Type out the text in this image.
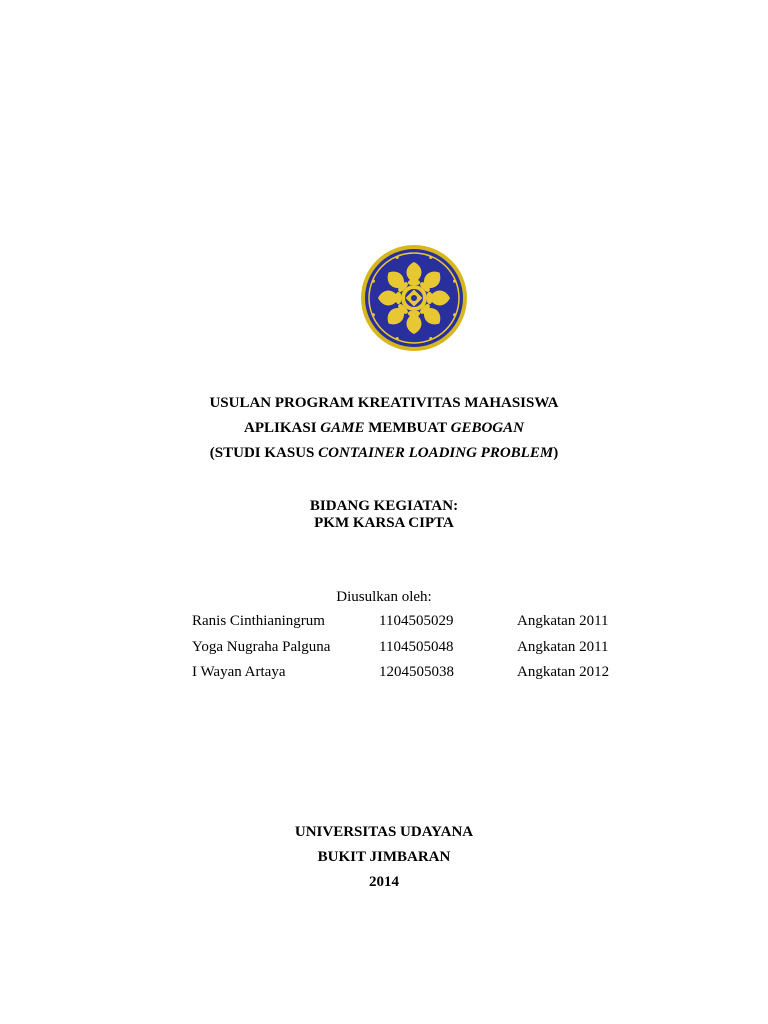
USULAN PROGRAM KREATIVITAS MAHASISWA
APLIKASI GAME MEMBUAT GEBOGAN
(STUDI KASUS CONTAINER LOADING PROBLEM)
BIDANG KEGIATAN:
PKM KARSA CIPTA
Diusulkan oleh:
Ranis Cinthianingrum	1104505029	Angkatan 2011
Yoga Nugraha Palguna	1104505048	Angkatan 2011
I Wayan Artaya	1204505038	Angkatan 2012
UNIVERSITAS UDAYANA
BUKIT JIMBARAN
2014
